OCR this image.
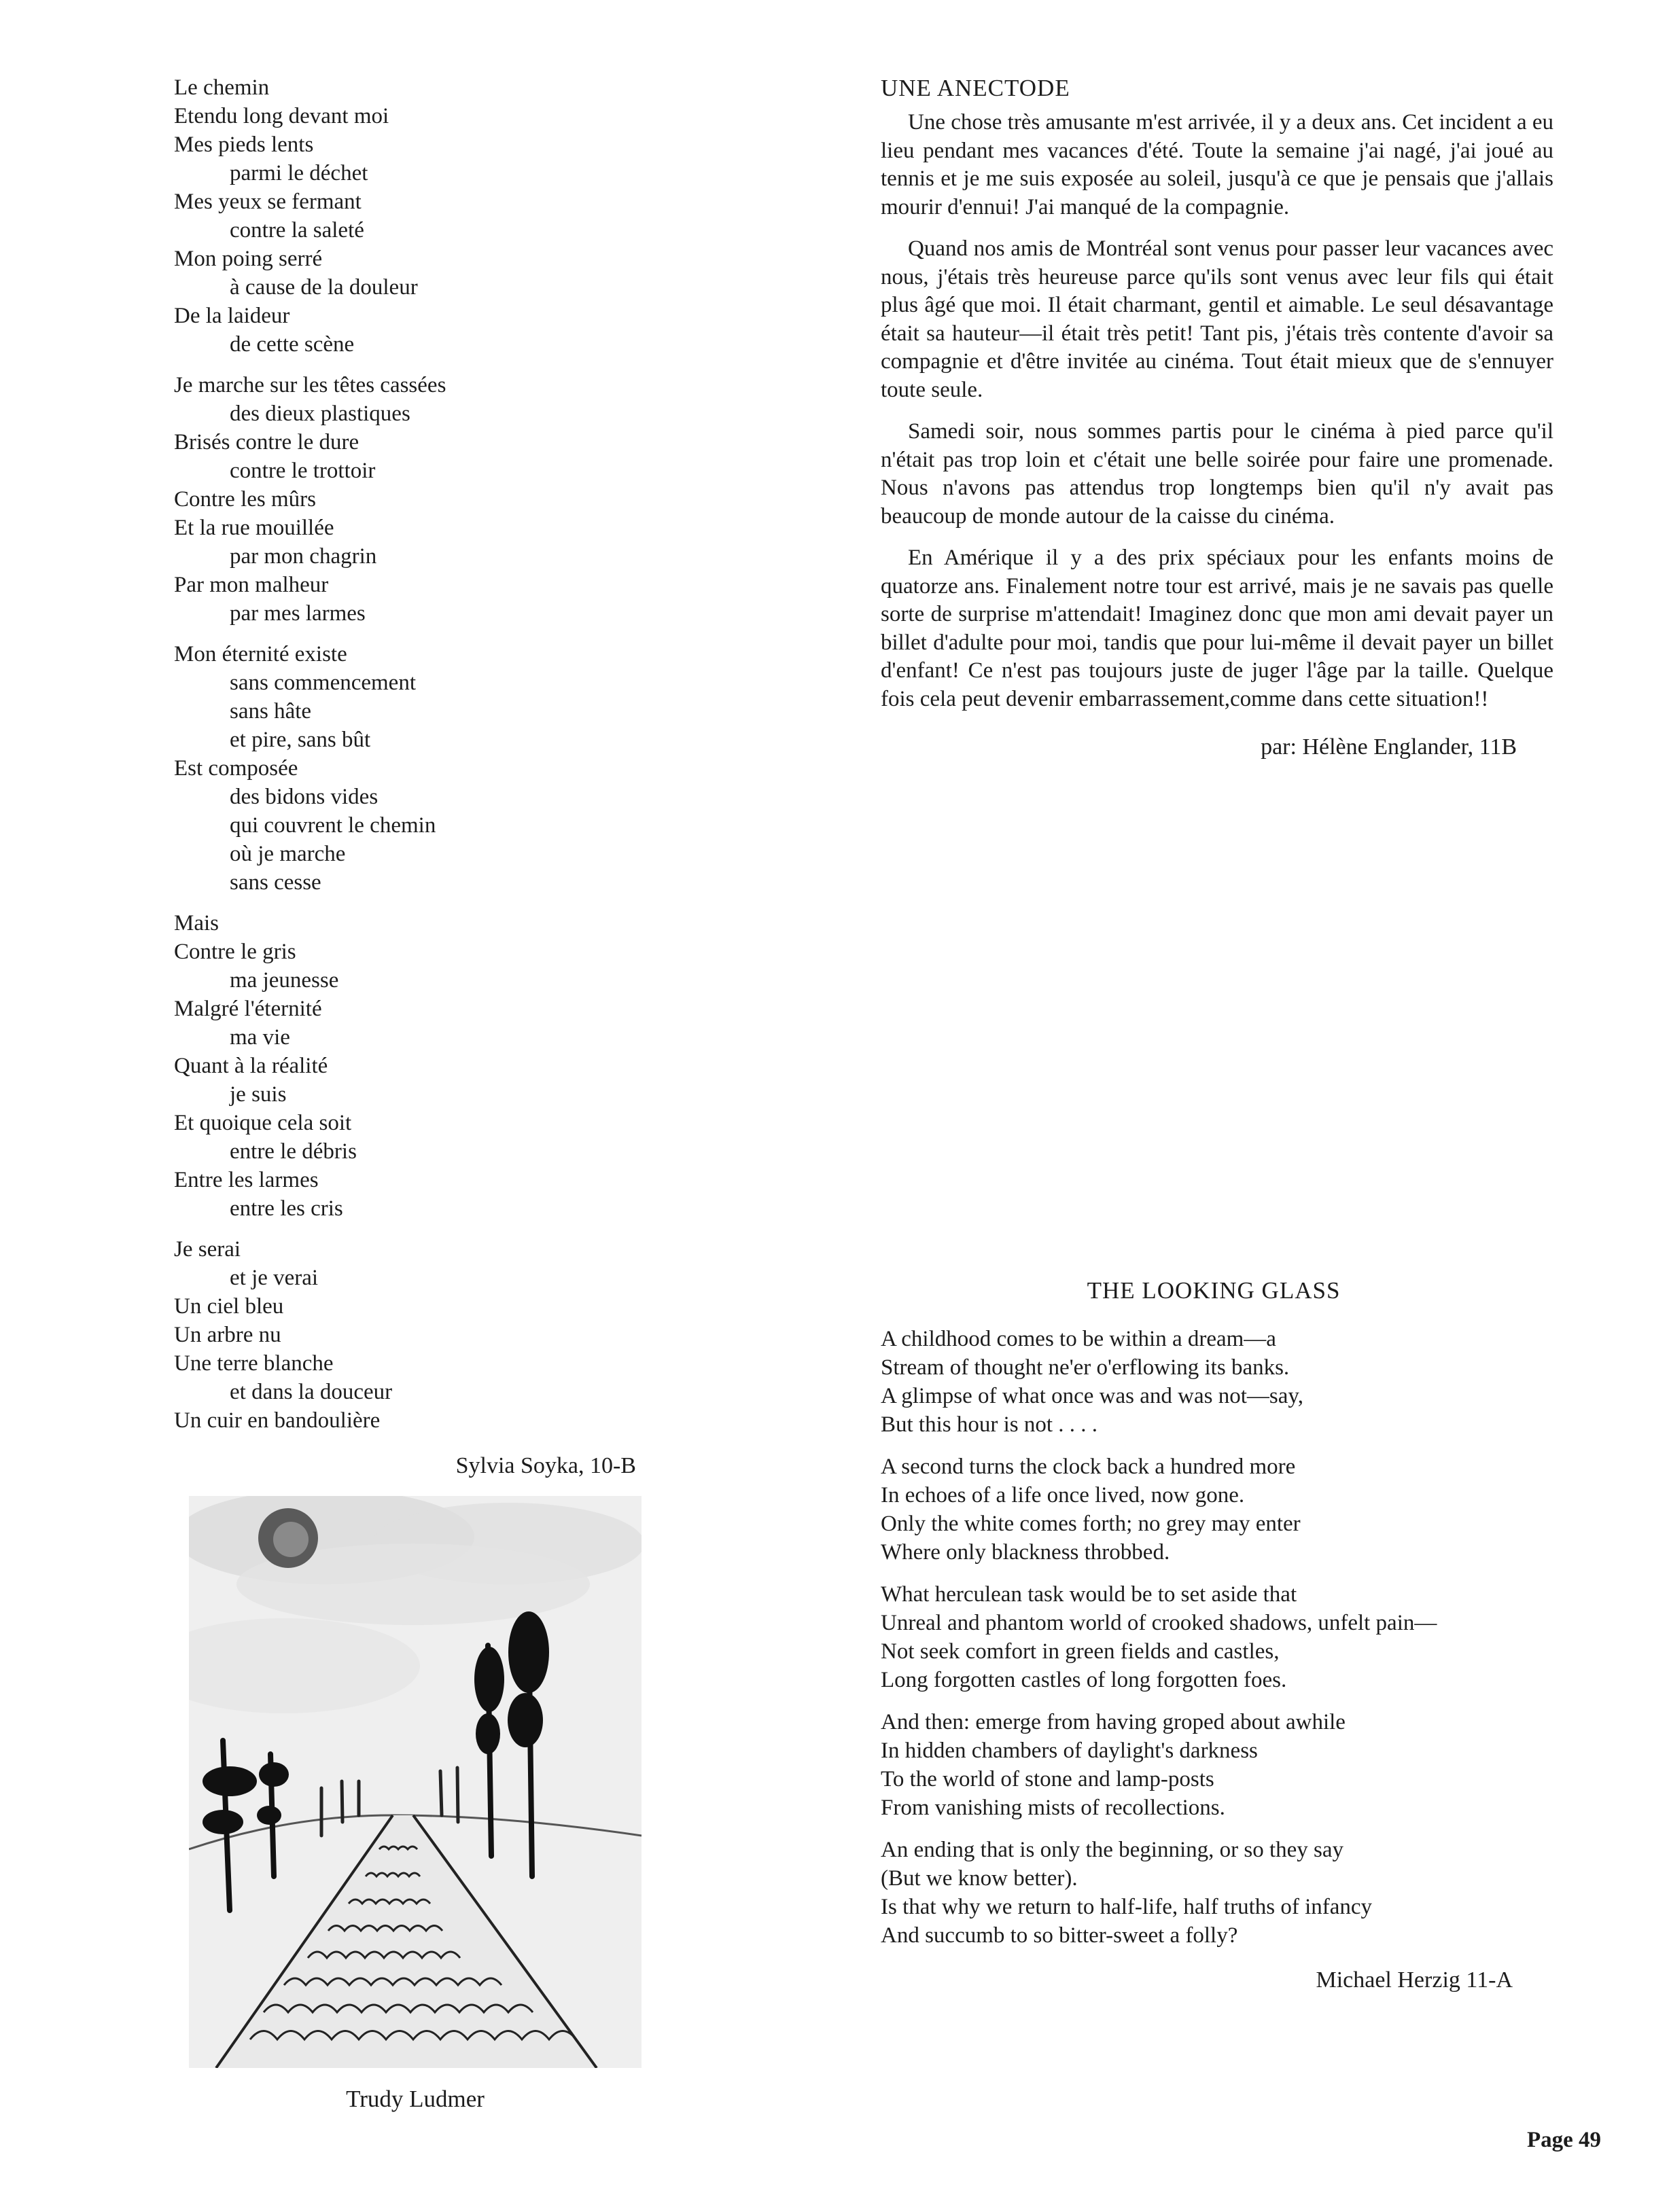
Le chemin
Etendu long devant moi
Mes pieds lents
parmi le déchet
Mes yeux se fermant
contre la saleté
Mon poing serré
à cause de la douleur
De la laideur
de cette scène
Je marche sur les têtes cassées
des dieux plastiques
Brisés contre le dure
contre le trottoir
Contre les mûrs
Et la rue mouillée
par mon chagrin
Par mon malheur
par mes larmes
Mon éternité existe
sans commencement
sans hâte
et pire, sans bût
Est composée
des bidons vides
qui couvrent le chemin
où je marche
sans cesse
Mais
Contre le gris
ma jeunesse
Malgré l'éternité
ma vie
Quant à la réalité
je suis
Et quoique cela soit
entre le débris
Entre les larmes
entre les cris
Je serai
et je verai
Un ciel bleu
Un arbre nu
Une terre blanche
et dans la douceur
Un cuir en bandoulière
Sylvia Soyka, 10-B
Trudy Ludmer
UNE ANECTODE
Une chose très amusante m'est arrivée, il y a deux ans. Cet incident a eu lieu pendant mes vacances d'été. Toute la semaine j'ai nagé, j'ai joué au tennis et je me suis exposée au soleil, jusqu'à ce que je pensais que j'allais mourir d'ennui! J'ai manqué de la compagnie.
Quand nos amis de Montréal sont venus pour passer leur vacances avec nous, j'étais très heureuse parce qu'ils sont venus avec leur fils qui était plus âgé que moi. Il était charmant, gentil et aimable. Le seul désavantage était sa hauteur—il était très petit! Tant pis, j'étais très contente d'avoir sa compagnie et d'être invitée au cinéma. Tout était mieux que de s'ennuyer toute seule.
Samedi soir, nous sommes partis pour le cinéma à pied parce qu'il n'était pas trop loin et c'était une belle soirée pour faire une promenade. Nous n'avons pas attendus trop longtemps bien qu'il n'y avait pas beaucoup de monde autour de la caisse du cinéma.
En Amérique il y a des prix spéciaux pour les enfants moins de quatorze ans. Finalement notre tour est arrivé, mais je ne savais pas quelle sorte de surprise m'attendait! Imaginez donc que mon ami devait payer un billet d'adulte pour moi, tandis que pour lui-même il devait payer un billet d'enfant! Ce n'est pas toujours juste de juger l'âge par la taille. Quelque fois cela peut devenir embarrassement,comme dans cette situation!!
par: Hélène Englander, 11B
THE LOOKING GLASS
A childhood comes to be within a dream—a
Stream of thought ne'er o'erflowing its banks.
A glimpse of what once was and was not—say,
But this hour is not . . . .
A second turns the clock back a hundred more
In echoes of a life once lived, now gone.
Only the white comes forth; no grey may enter
Where only blackness throbbed.
What herculean task would be to set aside that
Unreal and phantom world of crooked shadows, unfelt pain—
Not seek comfort in green fields and castles,
Long forgotten castles of long forgotten foes.
And then: emerge from having groped about awhile
In hidden chambers of daylight's darkness
To the world of stone and lamp-posts
From vanishing mists of recollections.
An ending that is only the beginning, or so they say
(But we know better).
Is that why we return to half-life, half truths of infancy
And succumb to so bitter-sweet a folly?
Michael Herzig 11-A
Page 49
